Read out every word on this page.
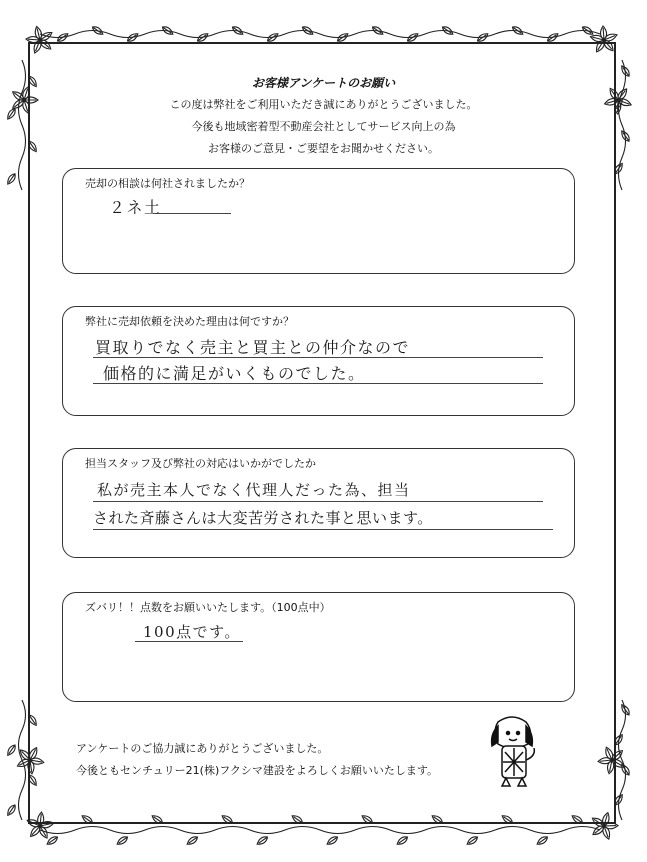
お客様アンケートのお願い
この度は弊社をご利用いただき誠にありがとうございました。
今後も地域密着型不動産会社としてサービス向上の為
お客様のご意見・ご要望をお聞かせください。
売却の相談は何社されましたか？
２ネ土
弊社に売却依頼を決めた理由は何ですか？
買取りでなく売主と買主との仲介なので
価格的に満足がいくものでした。
担当スタッフ及び弊社の対応はいかがでしたか
私が売主本人でなく代理人だった為、担当
された斉藤さんは大変苦労された事と思います。
ズバリ！！点数をお願いいたします。（100点中）
100点です。
アンケートのご協力誠にありがとうございました。
今後ともセンチュリー21(株)フクシマ建設をよろしくお願いいたします。
